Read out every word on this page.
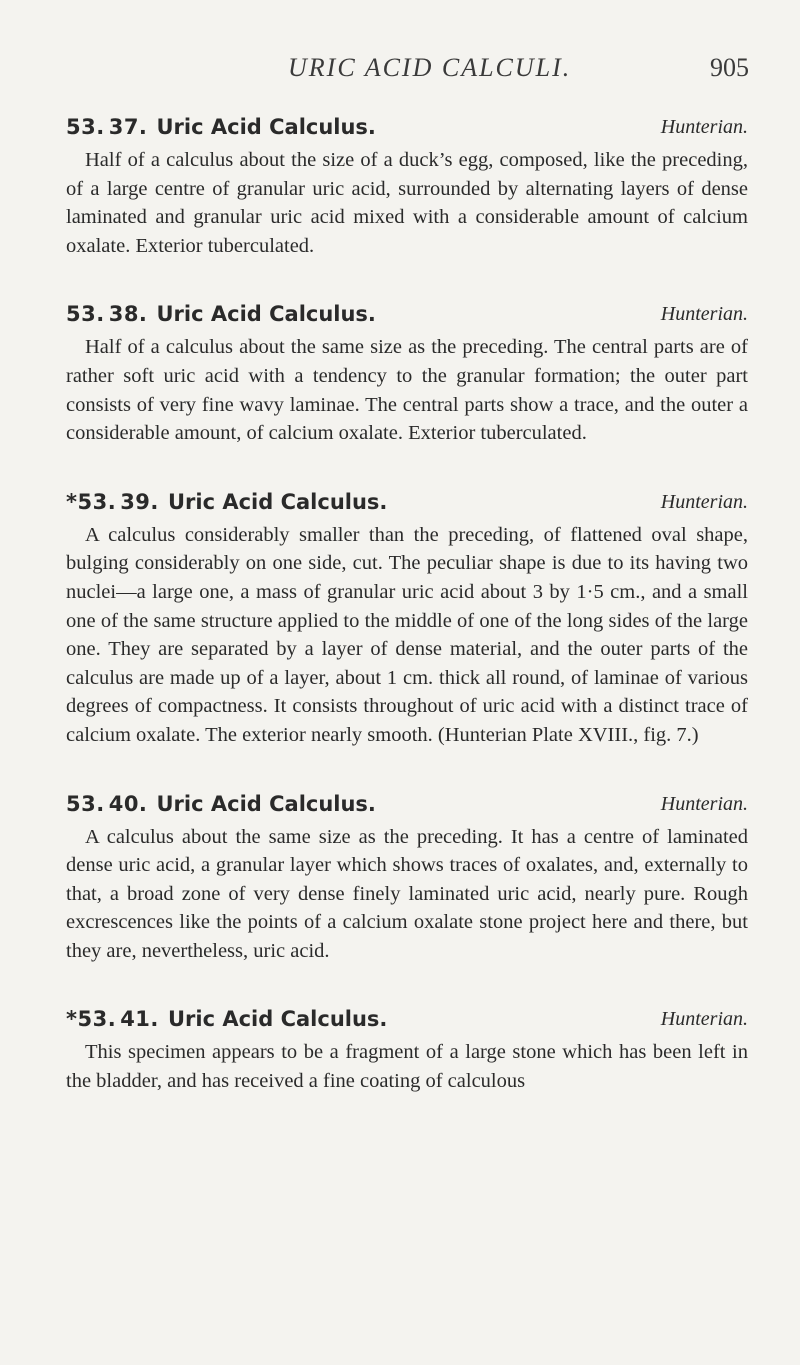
URIC ACID CALCULI.	905
53. 37. Uric Acid Calculus.	Hunterian.

Half of a calculus about the size of a duck’s egg, composed, like the preceding, of a large centre of granular uric acid, surrounded by alternating layers of dense laminated and granular uric acid mixed with a considerable amount of calcium oxalate. Exterior tuberculated.

53. 38. Uric Acid Calculus.	Hunterian.

Half of a calculus about the same size as the preceding. The central parts are of rather soft uric acid with a tendency to the granular formation; the outer part consists of very fine wavy laminae. The central parts show a trace, and the outer a considerable amount, of calcium oxalate. Exterior tuberculated.

*53. 39. Uric Acid Calculus.	Hunterian.

A calculus considerably smaller than the preceding, of flattened oval shape, bulging considerably on one side, cut. The peculiar shape is due to its having two nuclei—a large one, a mass of granular uric acid about 3 by 1·5 cm., and a small one of the same structure applied to the middle of one of the long sides of the large one. They are separated by a layer of dense material, and the outer parts of the calculus are made up of a layer, about 1 cm. thick all round, of laminae of various degrees of compactness. It consists throughout of uric acid with a distinct trace of calcium oxalate. The exterior nearly smooth. (Hunterian Plate XVIII., fig. 7.)

53. 40. Uric Acid Calculus.	Hunterian.

A calculus about the same size as the preceding. It has a centre of laminated dense uric acid, a granular layer which shows traces of oxalates, and, externally to that, a broad zone of very dense finely laminated uric acid, nearly pure. Rough excrescences like the points of a calcium oxalate stone project here and there, but they are, nevertheless, uric acid.

*53. 41. Uric Acid Calculus.	Hunterian.

This specimen appears to be a fragment of a large stone which has been left in the bladder, and has received a fine coating of calculous
